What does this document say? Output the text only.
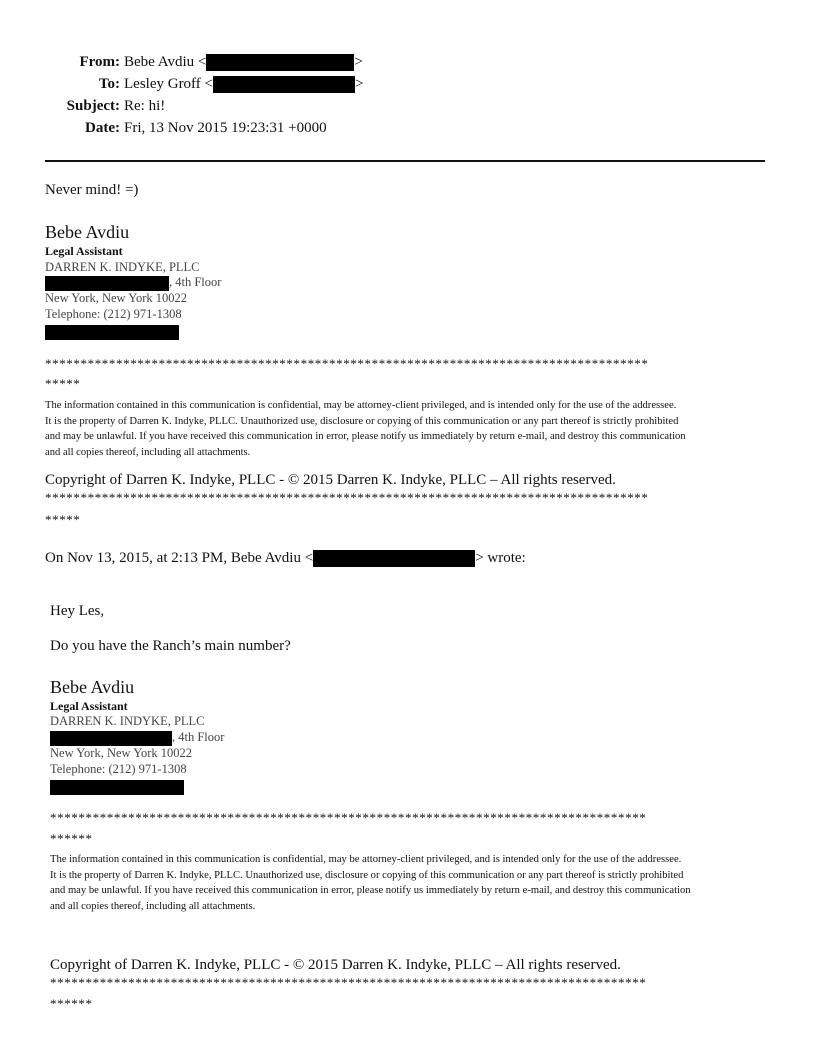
From: Bebe Avdiu <	>
To: Lesley Groff <	>
Subject: Re: hi!
Date: Fri, 13 Nov 2015 19:23:31 +0000
Never mind! =)
Bebe Avdiu
Legal Assistant
DARREN K. INDYKE, PLLC
, 4th Floor
New York, New York 10022
Telephone: (212) 971-1308
*************************************************************************************
*****
The information contained in this communication is confidential, may be attorney-client privileged, and is intended only for the use of the addressee.
It is the property of Darren K. Indyke, PLLC. Unauthorized use, disclosure or copying of this communication or any part thereof is strictly prohibited
and may be unlawful. If you have received this communication in error, please notify us immediately by return e-mail, and destroy this communication
and all copies thereof, including all attachments.
Copyright of Darren K. Indyke, PLLC - © 2015 Darren K. Indyke, PLLC – All rights reserved.
*************************************************************************************
*****
On Nov 13, 2015, at 2:13 PM, Bebe Avdiu <	> wrote:
Hey Les,
Do you have the Ranch’s main number?
Bebe Avdiu
Legal Assistant
DARREN K. INDYKE, PLLC
, 4th Floor
New York, New York 10022
Telephone: (212) 971-1308
************************************************************************************
******
The information contained in this communication is confidential, may be attorney-client privileged, and is intended only for the use of the addressee.
It is the property of Darren K. Indyke, PLLC. Unauthorized use, disclosure or copying of this communication or any part thereof is strictly prohibited
and may be unlawful. If you have received this communication in error, please notify us immediately by return e-mail, and destroy this communication
and all copies thereof, including all attachments.
Copyright of Darren K. Indyke, PLLC - © 2015 Darren K. Indyke, PLLC – All rights reserved.
************************************************************************************
******
